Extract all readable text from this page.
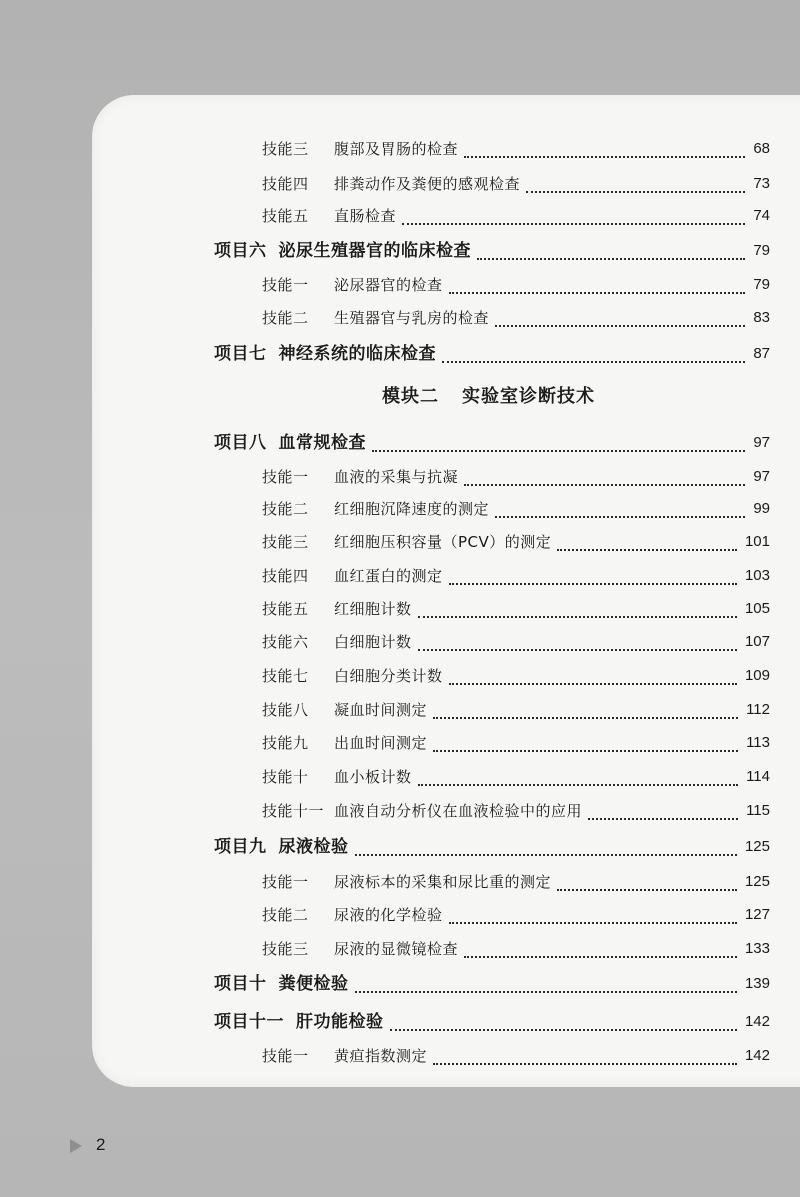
模块二 实验室诊断技术
技能三 腹部及胃肠的检查	68
技能四 排粪动作及粪便的感观检查	73
技能五 直肠检查	74
项目六 泌尿生殖器官的临床检查	79
技能一 泌尿器官的检查	79
技能二 生殖器官与乳房的检查	83
项目七 神经系统的临床检查	87
项目八 血常规检查	97
技能一 血液的采集与抗凝	97
技能二 红细胞沉降速度的测定	99
技能三 红细胞压积容量（PCV）的测定	101
技能四 血红蛋白的测定	103
技能五 红细胞计数	105
技能六 白细胞计数	107
技能七 白细胞分类计数	109
技能八 凝血时间测定	112
技能九 出血时间测定	113
技能十 血小板计数	114
技能十一 血液自动分析仪在血液检验中的应用	115
项目九 尿液检验	125
技能一 尿液标本的采集和尿比重的测定	125
技能二 尿液的化学检验	127
技能三 尿液的显微镜检查	133
项目十 粪便检验	139
项目十一 肝功能检验	142
技能一 黄疸指数测定	142
2
